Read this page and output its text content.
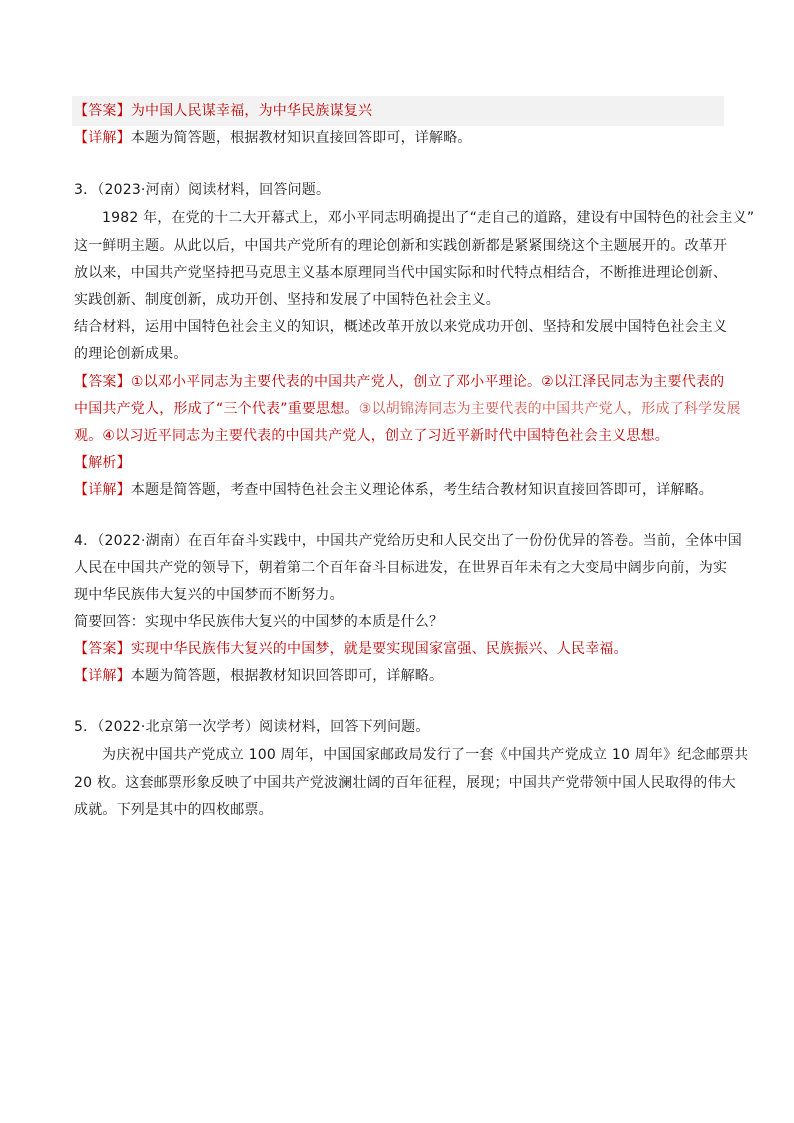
【答案】为中国人民谋幸福，为中华民族谋复兴
【详解】本题为简答题，根据教材知识直接回答即可，详解略。
3．（2023·河南）阅读材料，回答问题。
1982 年，在党的十二大开幕式上，邓小平同志明确提出了“走自己的道路，建设有中国特色的社会主义”
这一鲜明主题。从此以后，中国共产党所有的理论创新和实践创新都是紧紧围绕这个主题展开的。改革开
放以来，中国共产党坚持把马克思主义基本原理同当代中国实际和时代特点相结合，不断推进理论创新、
实践创新、制度创新，成功开创、坚持和发展了中国特色社会主义。
结合材料，运用中国特色社会主义的知识，概述改革开放以来党成功开创、坚持和发展中国特色社会主义
的理论创新成果。
【答案】①以邓小平同志为主要代表的中国共产党人，创立了邓小平理论。②以江泽民同志为主要代表的
中国共产党人，形成了“三个代表”重要思想。③以胡锦涛同志为主要代表的中国共产党人，形成了科学发展
观。④以习近平同志为主要代表的中国共产党人，创立了习近平新时代中国特色社会主义思想。
【解析】
【详解】本题是简答题，考查中国特色社会主义理论体系，考生结合教材知识直接回答即可，详解略。
4．（2022·湖南）在百年奋斗实践中，中国共产党给历史和人民交出了一份份优异的答卷。当前，全体中国
人民在中国共产党的领导下，朝着第二个百年奋斗目标进发，在世界百年未有之大变局中阔步向前，为实
现中华民族伟大复兴的中国梦而不断努力。
简要回答：实现中华民族伟大复兴的中国梦的本质是什么？
【答案】实现中华民族伟大复兴的中国梦，就是要实现国家富强、民族振兴、人民幸福。
【详解】本题为简答题，根据教材知识回答即可，详解略。
5．（2022·北京第一次学考）阅读材料，回答下列问题。
为庆祝中国共产党成立 100 周年，中国国家邮政局发行了一套《中国共产党成立 10 周年》纪念邮票共
20 枚。这套邮票形象反映了中国共产党波澜壮阔的百年征程，展现；中国共产党带领中国人民取得的伟大
成就。下列是其中的四枚邮票。
